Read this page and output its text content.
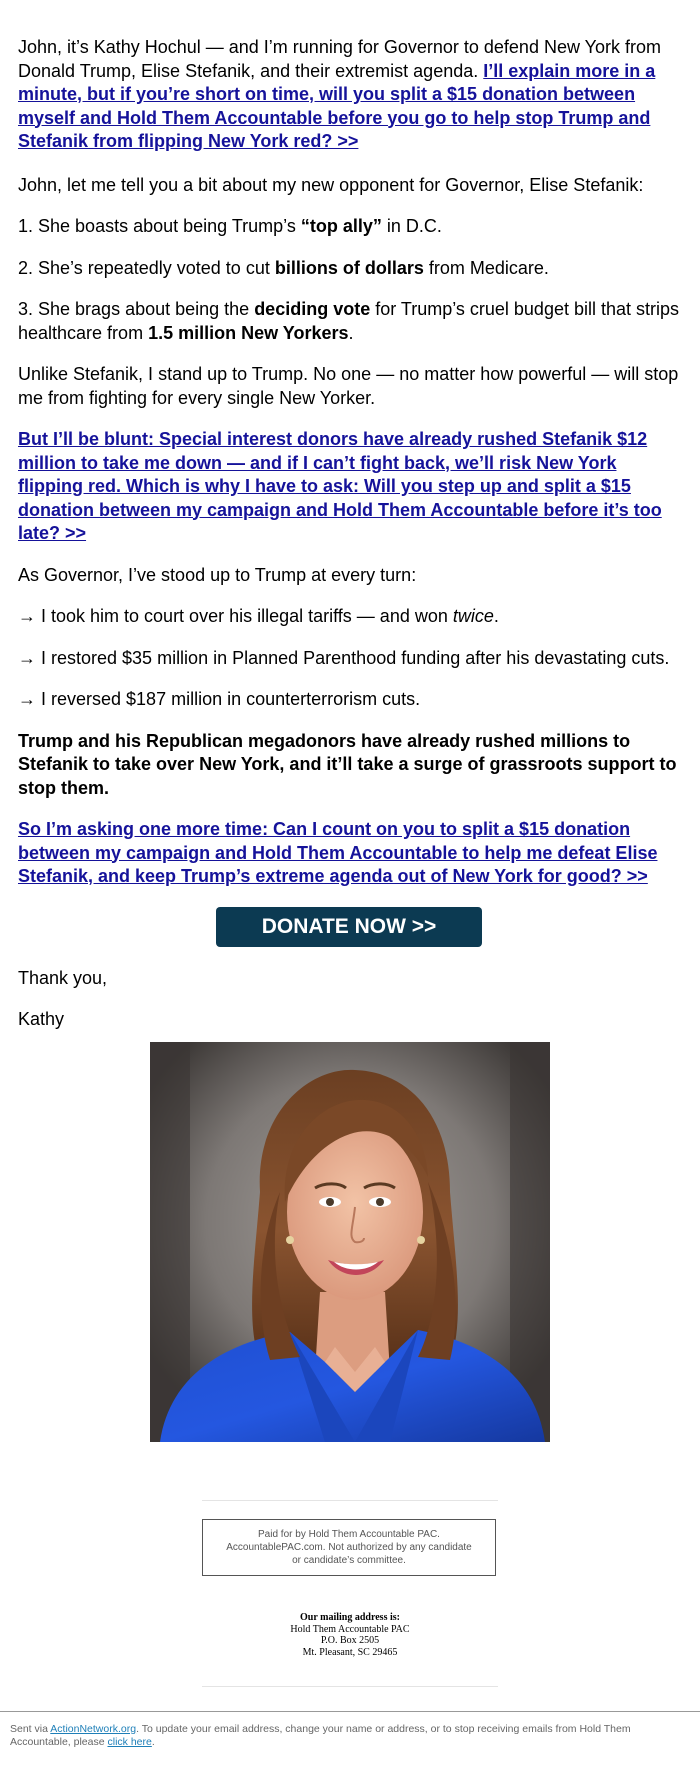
John, it’s Kathy Hochul — and I’m running for Governor to defend New York from Donald Trump, Elise Stefanik, and their extremist agenda. I’ll explain more in a minute, but if you’re short on time, will you split a $15 donation between myself and Hold Them Accountable before you go to help stop Trump and Stefanik from flipping New York red? >>

John, let me tell you a bit about my new opponent for Governor, Elise Stefanik:

1. She boasts about being Trump’s “top ally” in D.C.

2. She’s repeatedly voted to cut billions of dollars from Medicare.

3. She brags about being the deciding vote for Trump’s cruel budget bill that strips healthcare from 1.5 million New Yorkers.

Unlike Stefanik, I stand up to Trump. No one — no matter how powerful — will stop me from fighting for every single New Yorker.

But I’ll be blunt: Special interest donors have already rushed Stefanik $12 million to take me down — and if I can’t fight back, we’ll risk New York flipping red. Which is why I have to ask: Will you step up and split a $15 donation between my campaign and Hold Them Accountable before it’s too late? >>

As Governor, I’ve stood up to Trump at every turn:

→ I took him to court over his illegal tariffs — and won twice.

→ I restored $35 million in Planned Parenthood funding after his devastating cuts.

→ I reversed $187 million in counterterrorism cuts.

Trump and his Republican megadonors have already rushed millions to Stefanik to take over New York, and it’ll take a surge of grassroots support to stop them.

So I’m asking one more time: Can I count on you to split a $15 donation between my campaign and Hold Them Accountable to help me defeat Elise Stefanik, and keep Trump’s extreme agenda out of New York for good? >>

DONATE NOW >>

Thank you,

Kathy

Paid for by Hold Them Accountable PAC. AccountablePAC.com. Not authorized by any candidate or candidate’s committee.
Our mailing address is:
Hold Them Accountable PAC
P.O. Box 2505
Mt. Pleasant, SC 29465
Sent via ActionNetwork.org. To update your email address, change your name or address, or to stop receiving emails from Hold Them Accountable, please click here.
